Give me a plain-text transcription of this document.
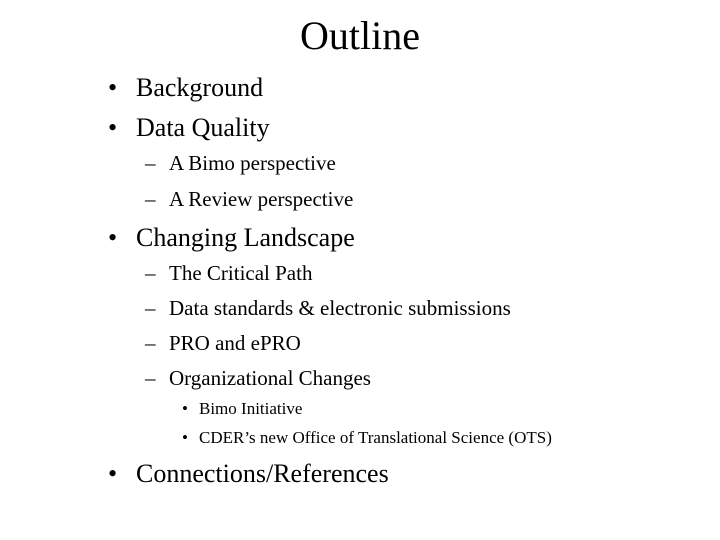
Outline
• Background
• Data Quality
– A Bimo perspective
– A Review perspective
• Changing Landscape
– The Critical Path
– Data standards & electronic submissions
– PRO and ePRO
– Organizational Changes
• Bimo Initiative
• CDER’s new Office of Translational Science (OTS)
• Connections/References
